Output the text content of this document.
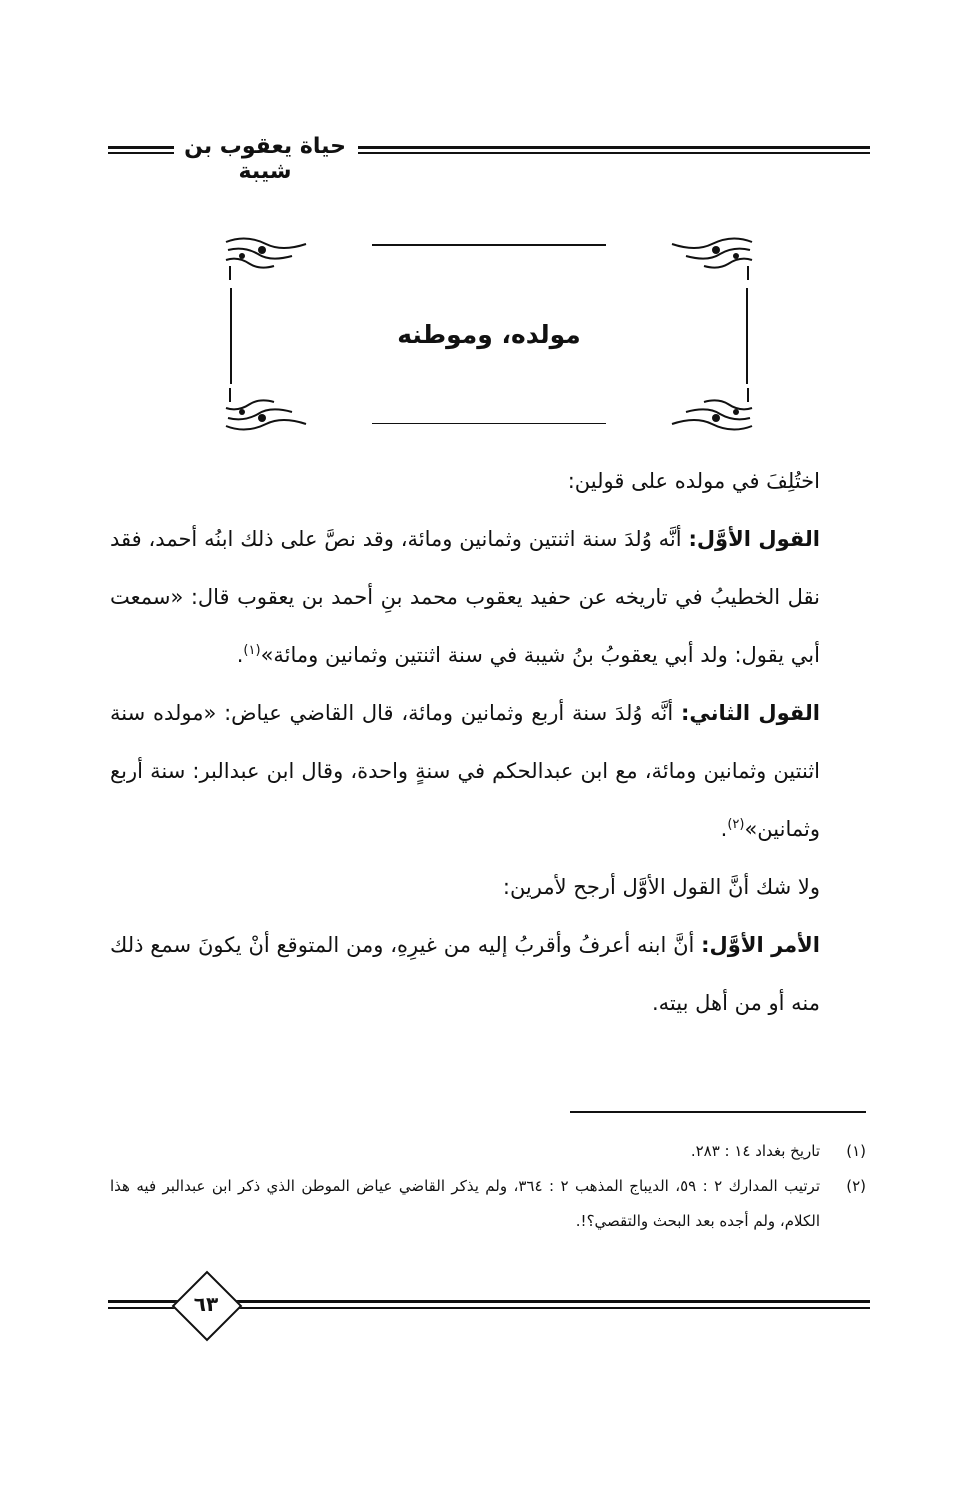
حياة يعقوب بن شيبة
مولده، وموطنه

اختُلِفَ في مولده على قولين:

القول الأوَّل: أنَّه وُلدَ سنة اثنتين وثمانين ومائة، وقد نصَّ على ذلك ابنُه أحمد، فقد نقل الخطيبُ في تاريخه عن حفيد يعقوب محمد بنِ أحمد بن يعقوب قال: «سمعت أبي يقول: ولد أبي يعقوبُ بنُ شيبة في سنة اثنتين وثمانين ومائة»$^{(١)}$.

القول الثاني: أنَّه وُلدَ سنة أربع وثمانين ومائة، قال القاضي عياض: «مولده سنة اثنتين وثمانين ومائة، مع ابن عبدالحكم في سنةٍ واحدة، وقال ابن عبدالبر: سنة أربع وثمانين»$^{(٢)}$.

ولا شك أنَّ القول الأوَّل أرجح لأمرين:

الأمر الأوَّل: أنَّ ابنه أعرفُ وأقربُ إليه من غيرِهِ، ومن المتوقع أنْ يكونَ سمع ذلك منه أو من أهل بيته.

(١)
تاريخ بغداد ١٤ : ٢٨٣.
(٢)
ترتيب المدارك ٢ : ٥٩، الديباج المذهب ٢ : ٣٦٤، ولم يذكر القاضي عياض الموطن الذي ذكر ابن عبدالبر فيه هذا الكلام، ولم أجده بعد البحث والتقصي؟!.
٦٣
